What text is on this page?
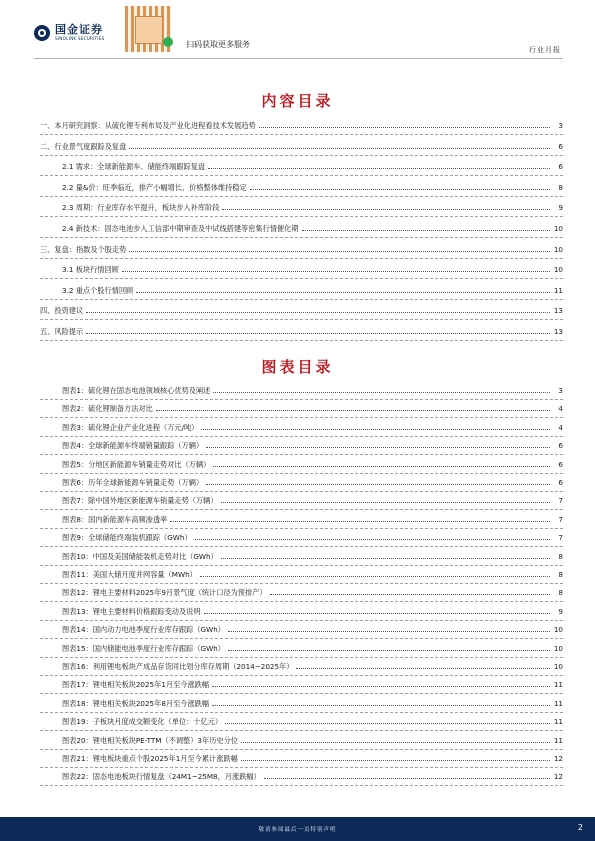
国金证券
SINOLINK SECURITIES
扫码获取更多服务
行业月报
内容目录
一、本月研究洞察：从硫化锂专利布局及产业化进程看技术发展趋势	3
二、行业景气度跟踪及复盘	6
2.1 需求：全球新能源车、储能终端跟踪复盘	6
2.2 量&价：旺季临近，排产小幅增长、价格整体维持稳定	8
2.3 周期：行业库存水平提升，板块步入补库阶段	9
2.4 新技术：固态电池步入工信部中期审查及中试线搭建等密集行情催化期	10
三、复盘：指数及个股走势	10
3.1 板块行情回顾	10
3.2 重点个股行情回顾	11
四、投资建议	13
五、风险提示	13
图表目录
图表1：硫化锂在固态电池领域核心优势及阐述	3
图表2：硫化锂制备方法对比	4
图表3：硫化锂企业产业化进程（万元/吨）	4
图表4：全球新能源车终端销量跟踪（万辆）	6
图表5：分地区新能源车销量走势对比（万辆）	6
图表6：历年全球新能源车销量走势（万辆）	6
图表7：除中国外地区新能源车销量走势（万辆）	7
图表8：国内新能源车高频渗透率	7
图表9：全球储能终端装机跟踪（GWh）	7
图表10：中国及美国储能装机走势对比（GWh）	8
图表11：美国大储月度并网容量（MWh）	8
图表12：锂电主要材料2025年9月景气度（统计口径为预排产）	8
图表13：锂电主要材料价格跟踪变动及说明	9
图表14：国内动力电池季度行业库存跟踪（GWh）	10
图表15：国内储能电池季度行业库存跟踪（GWh）	10
图表16：利用锂电板块产成品存货同比划分库存周期（2014~2025年）	10
图表17：锂电相关板块2025年1月至今涨跌幅	11
图表18：锂电相关板块2025年8月至今涨跌幅	11
图表19：子板块月度成交额变化（单位：十亿元）	11
图表20：锂电相关板块PE-TTM（不调整）3年历史分位	11
图表21：锂电板块重点个股2025年1月至今累计涨跌幅	12
图表22：固态电池板块行情复盘（24M1~25M8，月涨跌幅）	12
敬请参阅最后一页特别声明	2
